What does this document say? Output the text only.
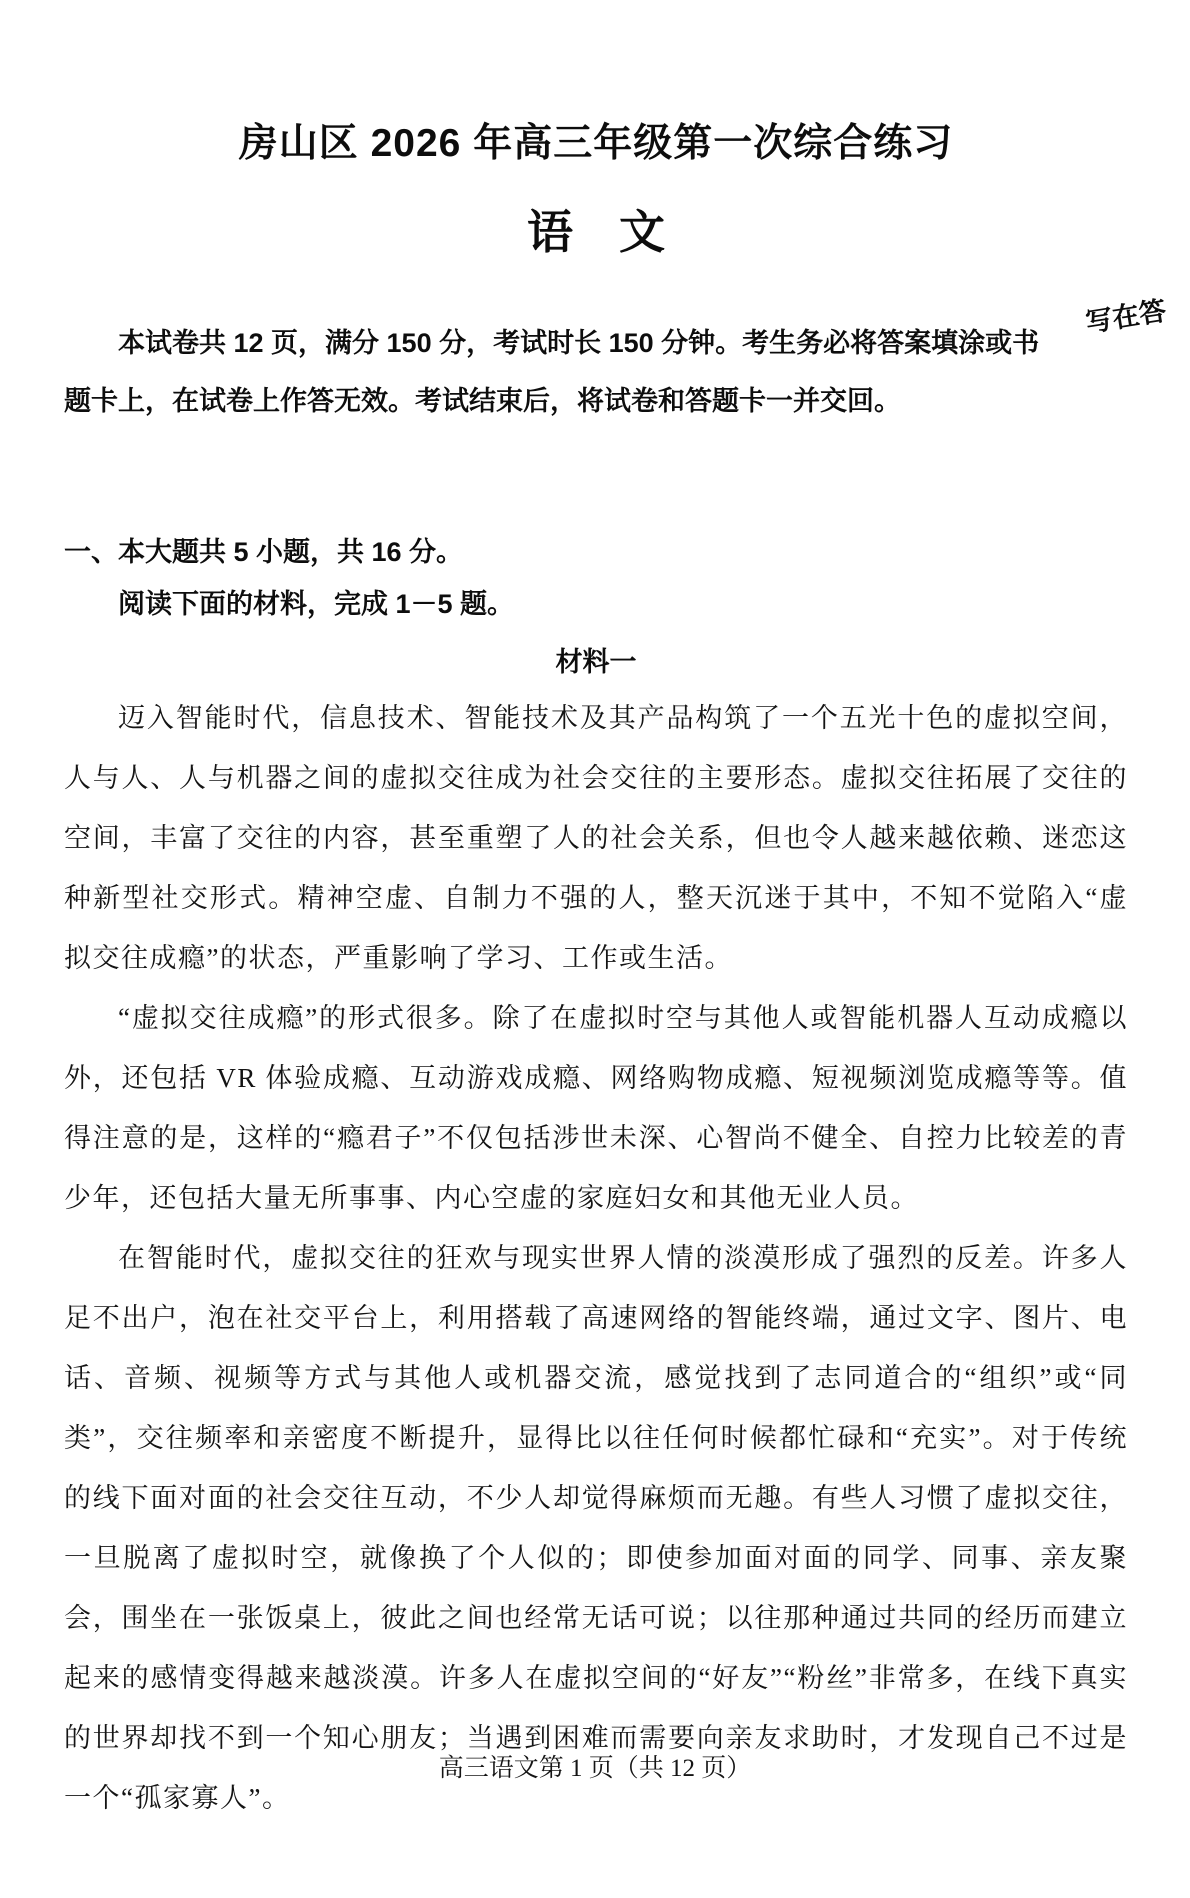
房山区 2026 年高三年级第一次综合练习
语　文
本试卷共 12 页，满分 150 分，考试时长 150 分钟。考生务必将答案填涂或书写在答
题卡上，在试卷上作答无效。考试结束后，将试卷和答题卡一并交回。
一、本大题共 5 小题，共 16 分。
阅读下面的材料，完成 1－5 题。
材料一

迈入智能时代，信息技术、智能技术及其产品构筑了一个五光十色的虚拟空间，人与人、人与机器之间的虚拟交往成为社会交往的主要形态。虚拟交往拓展了交往的空间，丰富了交往的内容，甚至重塑了人的社会关系，但也令人越来越依赖、迷恋这种新型社交形式。精神空虚、自制力不强的人，整天沉迷于其中，不知不觉陷入“虚拟交往成瘾”的状态，严重影响了学习、工作或生活。

“虚拟交往成瘾”的形式很多。除了在虚拟时空与其他人或智能机器人互动成瘾以外，还包括 VR 体验成瘾、互动游戏成瘾、网络购物成瘾、短视频浏览成瘾等等。值得注意的是，这样的“瘾君子”不仅包括涉世未深、心智尚不健全、自控力比较差的青少年，还包括大量无所事事、内心空虚的家庭妇女和其他无业人员。

在智能时代，虚拟交往的狂欢与现实世界人情的淡漠形成了强烈的反差。许多人足不出户，泡在社交平台上，利用搭载了高速网络的智能终端，通过文字、图片、电话、音频、视频等方式与其他人或机器交流，感觉找到了志同道合的“组织”或“同类”，交往频率和亲密度不断提升，显得比以往任何时候都忙碌和“充实”。对于传统的线下面对面的社会交往互动，不少人却觉得麻烦而无趣。有些人习惯了虚拟交往，一旦脱离了虚拟时空，就像换了个人似的；即使参加面对面的同学、同事、亲友聚会，围坐在一张饭桌上，彼此之间也经常无话可说；以往那种通过共同的经历而建立起来的感情变得越来越淡漠。许多人在虚拟空间的“好友”“粉丝”非常多，在线下真实的世界却找不到一个知心朋友；当遇到困难而需要向亲友求助时，才发现自己不过是一个“孤家寡人”。

高三语文第 1 页（共 12 页）
